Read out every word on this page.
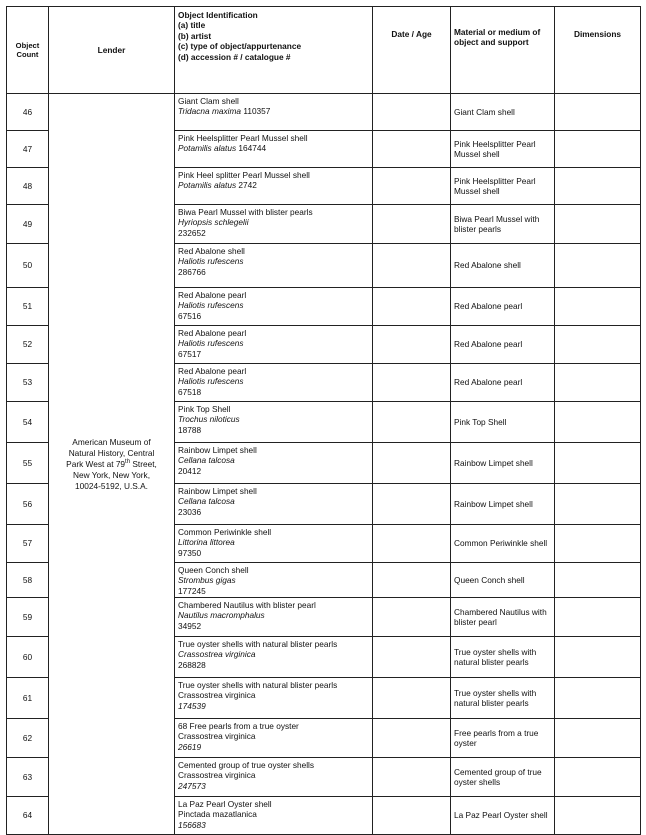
Object Count	Lender	Object Identification
(a) title
(b) artist
(c) type of object/appurtenance
(d) accession # / catalogue #	Date / Age	Material or medium of object and support	Dimensions
46	American Museum of
Natural History, Central
Park West at 79th Street,
New York, New York,
10024-5192, U.S.A.	Giant Clam shell
Tridacna maxima 110357		Giant Clam shell	
47		Pink Heelsplitter Pearl Mussel shell
Potamilis alatus 164744		Pink Heelsplitter Pearl Mussel shell	
48		Pink Heel splitter Pearl Mussel shell
Potamilis alatus 2742		Pink Heelsplitter Pearl Mussel shell	
49		Biwa Pearl Mussel with blister pearls
Hyriopsis schlegelii
232652		Biwa Pearl Mussel with blister pearls	
50		Red Abalone shell
Haliotis rufescens
286766		Red Abalone shell	
51		Red Abalone pearl
Haliotis rufescens
67516		Red Abalone pearl	
52		Red Abalone pearl
Haliotis rufescens
67517		Red Abalone pearl	
53		Red Abalone pearl
Haliotis rufescens
67518		Red Abalone pearl	
54		Pink Top Shell
Trochus niloticus
18788		Pink Top Shell	
55		Rainbow Limpet shell
Cellana talcosa
20412		Rainbow Limpet shell	
56		Rainbow Limpet shell
Cellana talcosa
23036		Rainbow Limpet shell	
57		Common Periwinkle shell
Littorina littorea
97350		Common Periwinkle shell	
58		Queen Conch shell
Strombus gigas
177245		Queen Conch shell	
59		Chambered Nautilus with blister pearl
Nautilus macromphalus
34952		Chambered Nautilus with blister pearl	
60		True oyster shells with natural blister pearls
Crassostrea virginica
268828		True oyster shells with natural blister pearls	
61		True oyster shells with natural blister pearls
Crassostrea virginica
174539		True oyster shells with natural blister pearls	
62		68 Free pearls from a true oyster
Crassostrea virginica
26619		Free pearls from a true oyster	
63		Cemented group of true oyster shells
Crassostrea virginica
247573		Cemented group of true oyster shells	
64		La Paz Pearl Oyster shell
Pinctada mazatlanica
156683		La Paz Pearl Oyster shell	
